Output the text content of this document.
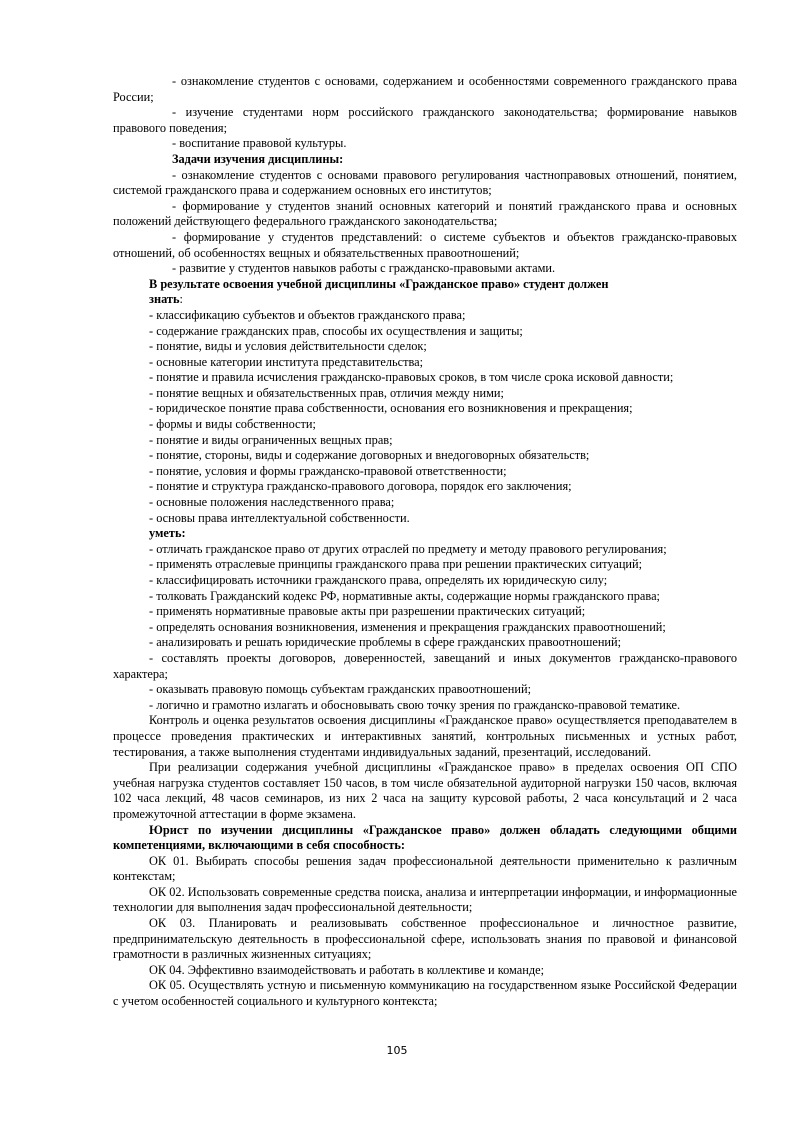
- ознакомление студентов с основами, содержанием и особенностями современного гражданского права России;

- изучение студентами норм российского гражданского законодательства; формирование навыков правового поведения;

- воспитание правовой культуры.

Задачи изучения дисциплины:

- ознакомление студентов с основами правового регулирования частноправовых отношений, понятием, системой гражданского права и содержанием основных его институтов;

- формирование у студентов знаний основных категорий и понятий гражданского права и основных положений действующего федерального гражданского законодательства;

- формирование у студентов представлений: о системе субъектов и объектов гражданско-правовых отношений, об особенностях вещных и обязательственных правоотношений;

- развитие у студентов навыков работы с гражданско-правовыми актами.

В результате освоения учебной дисциплины «Гражданское право» студент должен

знать:

- классификацию субъектов и объектов гражданского права;

- содержание гражданских прав, способы их осуществления и защиты;

- понятие, виды и условия действительности сделок;

- основные категории института представительства;

- понятие и правила исчисления гражданско-правовых сроков, в том числе срока исковой давности;

- понятие вещных и обязательственных прав, отличия между ними;

- юридическое понятие права собственности, основания его возникновения и прекращения;

- формы и виды собственности;

- понятие и виды ограниченных вещных прав;

- понятие, стороны, виды и содержание договорных и внедоговорных обязательств;

- понятие, условия и формы гражданско-правовой ответственности;

- понятие и структура гражданско-правового договора, порядок его заключения;

- основные положения наследственного права;

- основы права интеллектуальной собственности.

уметь:

- отличать гражданское право от других отраслей по предмету и методу правового регулирования;

- применять отраслевые принципы гражданского права при решении практических ситуаций;

- классифицировать источники гражданского права, определять их юридическую силу;

- толковать Гражданский кодекс РФ, нормативные акты, содержащие нормы гражданского права;

- применять нормативные правовые акты при разрешении практических ситуаций;

- определять основания возникновения, изменения и прекращения гражданских правоотношений;

- анализировать и решать юридические проблемы в сфере гражданских правоотношений;

- составлять проекты договоров, доверенностей, завещаний и иных документов гражданско-правового характера;

- оказывать правовую помощь субъектам гражданских правоотношений;

- логично и грамотно излагать и обосновывать свою точку зрения по гражданско-правовой тематике.

Контроль и оценка результатов освоения дисциплины «Гражданское право» осуществляется преподавателем в процессе проведения практических и интерактивных занятий, контрольных письменных и устных работ, тестирования, а также выполнения студентами индивидуальных заданий, презентаций, исследований.

При реализации содержания учебной дисциплины «Гражданское право» в пределах освоения ОП СПО учебная нагрузка студентов составляет 150 часов, в том числе обязательной аудиторной нагрузки 150 часов, включая 102 часа лекций, 48 часов семинаров, из них 2 часа на защиту курсовой работы, 2 часа консультаций и 2 часа промежуточной аттестации в форме экзамена.

Юрист по изучении дисциплины «Гражданское право» должен обладать следующими общими компетенциями, включающими в себя способность:

ОК 01. Выбирать способы решения задач профессиональной деятельности применительно к различным контекстам;

ОК 02. Использовать современные средства поиска, анализа и интерпретации информации, и информационные технологии для выполнения задач профессиональной деятельности;

ОК 03. Планировать и реализовывать собственное профессиональное и личностное развитие, предпринимательскую деятельность в профессиональной сфере, использовать знания по правовой и финансовой грамотности в различных жизненных ситуациях;

ОК 04. Эффективно взаимодействовать и работать в коллективе и команде;

ОК 05. Осуществлять устную и письменную коммуникацию на государственном языке Российской Федерации с учетом особенностей социального и культурного контекста;

105
